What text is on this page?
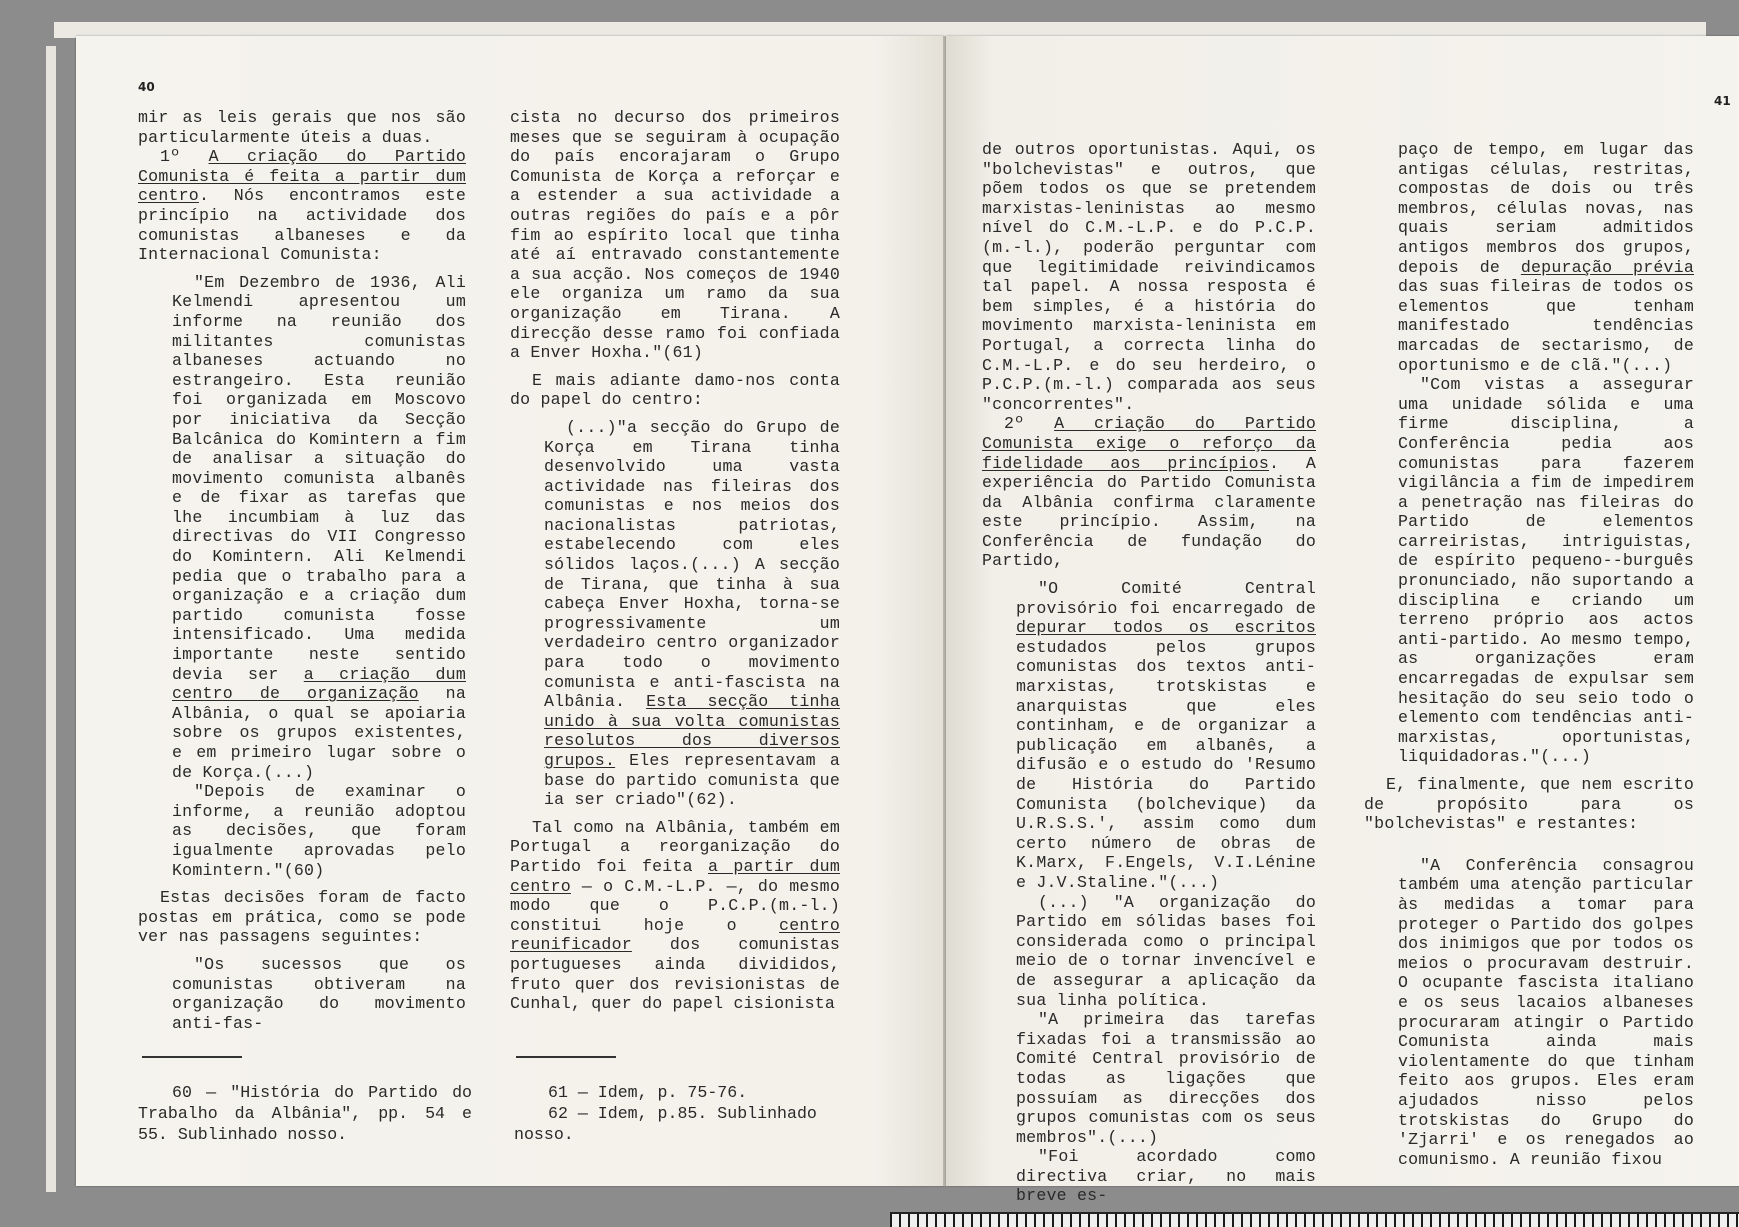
40

mir as leis gerais que nos são particularmente úteis a duas.

1º A criação do Partido Comunista é feita a partir dum centro. Nós encontramos este princípio na actividade dos comunistas albaneses e da Internacional Comunista:

"Em Dezembro de 1936, Ali Kelmendi apresentou um informe na reunião dos militantes comunistas albaneses actuando no estrangeiro. Esta reunião foi organizada em Moscovo por iniciativa da Secção Balcânica do Komintern a fim de analisar a situação do movimento comunista albanês e de fixar as tarefas que lhe incumbiam à luz das directivas do VII Congresso do Komintern. Ali Kelmendi pedia que o trabalho para a organização e a criação dum partido comunista fosse intensificado. Uma medida importante neste sentido devia ser a criação dum centro de organização na Albânia, o qual se apoiaria sobre os grupos existentes, e em primeiro lugar sobre o de Korça.(...)

"Depois de examinar o informe, a reunião adoptou as decisões, que foram igualmente aprovadas pelo Komintern."(60)

Estas decisões foram de facto postas em prática, como se pode ver nas passagens seguintes:

"Os sucessos que os comunistas obtiveram na organização do movimento anti-fas-

60 — "História do Partido do Trabalho da Albânia", pp. 54 e 55. Sublinhado nosso.

cista no decurso dos primeiros meses que se seguiram à ocupação do país encorajaram o Grupo Comunista de Korça a reforçar e a estender a sua actividade a outras regiões do país e a pôr fim ao espírito local que tinha até aí entravado constantemente a sua acção. Nos começos de 1940 ele organiza um ramo da sua organização em Tirana. A direcção desse ramo foi confiada a Enver Hoxha."(61)

E mais adiante damo-nos conta do papel do centro:

(...)"a secção do Grupo de Korça em Tirana tinha desenvolvido uma vasta actividade nas fileiras dos comunistas e nos meios dos nacionalistas patriotas, estabelecendo com eles sólidos laços.(...) A secção de Tirana, que tinha à sua cabeça Enver Hoxha, torna-se progressivamente um verdadeiro centro organizador para todo o movimento comunista e anti-fascista na Albânia. Esta secção tinha unido à sua volta comunistas resolutos dos diversos grupos. Eles representavam a base do partido comunista que ia ser criado"(62).

Tal como na Albânia, também em Portugal a reorganização do Partido foi feita a partir dum centro — o C.M.-L.P. —, do mesmo modo que o P.C.P.(m.-l.) constitui hoje o centro reunificador dos comunistas portugueses ainda divididos, fruto quer dos revisionistas de Cunhal, quer do papel cisionista

61 — Idem, p. 75-76.

62 — Idem, p.85. Sublinhado nosso.

41

de outros oportunistas. Aqui, os "bolchevistas" e outros, que põem todos os que se pretendem marxistas-leninistas ao mesmo nível do C.M.-L.P. e do P.C.P. (m.-l.), poderão perguntar com que legitimidade reivindicamos tal papel. A nossa resposta é bem simples, é a história do movimento marxista-leninista em Portugal, a correcta linha do C.M.-L.P. e do seu herdeiro, o P.C.P.(m.-l.) comparada aos seus "concorrentes".

2º A criação do Partido Comunista exige o reforço da fidelidade aos princípios. A experiência do Partido Comunista da Albânia confirma claramente este princípio. Assim, na Conferência de fundação do Partido,

"O Comité Central provisório foi encarregado de depurar todos os escritos estudados pelos grupos comunistas dos textos anti-marxistas, trotskistas e anarquistas que eles continham, e de organizar a publicação em albanês, a difusão e o estudo do 'Resumo de História do Partido Comunista (bolchevique) da U.R.S.S.', assim como dum certo número de obras de K.Marx, F.Engels, V.I.Lénine e J.V.Staline."(...)

(...) "A organização do Partido em sólidas bases foi considerada como o principal meio de o tornar invencível e de assegurar a aplicação da sua linha política.

"A primeira das tarefas fixadas foi a transmissão ao Comité Central provisório de todas as ligações que possuíam as direcções dos grupos comunistas com os seus membros".(...)

"Foi acordado como directiva criar, no mais breve es-

paço de tempo, em lugar das antigas células, restritas, compostas de dois ou três membros, células novas, nas quais seriam admitidos antigos membros dos grupos, depois de depuração prévia das suas fileiras de todos os elementos que tenham manifestado tendências marcadas de sectarismo, de oportunismo e de clã."(...)

"Com vistas a assegurar uma unidade sólida e uma firme disciplina, a Conferência pedia aos comunistas para fazerem vigilância a fim de impedirem a penetração nas fileiras do Partido de elementos carreiristas, intriguistas, de espírito pequeno--burguês pronunciado, não suportando a disciplina e criando um terreno próprio aos actos anti-partido. Ao mesmo tempo, as organizações eram encarregadas de expulsar sem hesitação do seu seio todo o elemento com tendências anti-marxistas, oportunistas, liquidadoras."(...)

E, finalmente, que nem escrito de propósito para os "bolchevistas" e restantes:

"A Conferência consagrou também uma atenção particular às medidas a tomar para proteger o Partido dos golpes dos inimigos que por todos os meios o procuravam destruir. O ocupante fascista italiano e os seus lacaios albaneses procuraram atingir o Partido Comunista ainda mais violentamente do que tinham feito aos grupos. Eles eram ajudados nisso pelos trotskistas do Grupo do 'Zjarri' e os renegados ao comunismo. A reunião fixou
